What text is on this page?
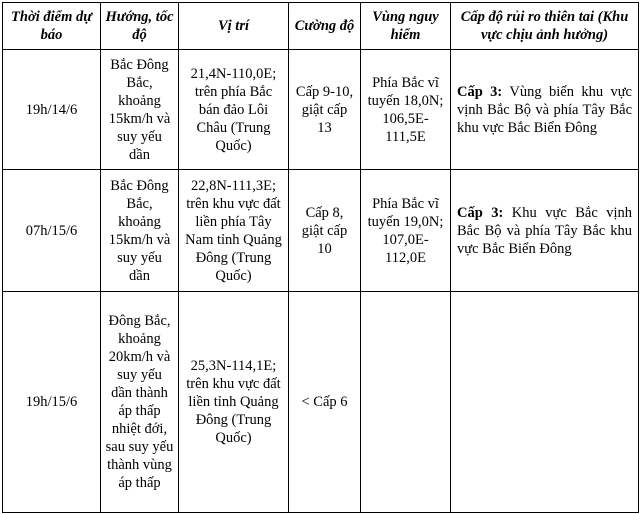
Thời điểm dự báo	Hướng, tốc độ	Vị trí	Cường độ	Vùng nguy hiểm	Cấp độ rủi ro thiên tai (Khu vực chịu ảnh hưởng)
19h/14/6	Bắc Đông Bắc, khoảng 15km/h và suy yếu dần	21,4N-110,0E; trên phía Bắc bán đảo Lôi Châu (Trung Quốc)	Cấp 9-10, giật cấp 13	Phía Bắc vĩ tuyến 18,0N; 106,5E-111,5E	Cấp 3: Vùng biển khu vực vịnh Bắc Bộ và phía Tây Bắc khu vực Bắc Biển Đông
07h/15/6	Bắc Đông Bắc, khoảng 15km/h và suy yếu dần	22,8N-111,3E; trên khu vực đất liền phía Tây Nam tỉnh Quảng Đông (Trung Quốc)	Cấp 8, giật cấp 10	Phía Bắc vĩ tuyến 19,0N; 107,0E-112,0E	Cấp 3: Khu vực Bắc vịnh Bắc Bộ và phía Tây Bắc khu vực Bắc Biển Đông
19h/15/6	Đông Bắc, khoảng 20km/h và suy yếu dần thành áp thấp nhiệt đới, sau suy yếu thành vùng áp thấp	25,3N-114,1E; trên khu vực đất liền tỉnh Quảng Đông (Trung Quốc)	< Cấp 6		
